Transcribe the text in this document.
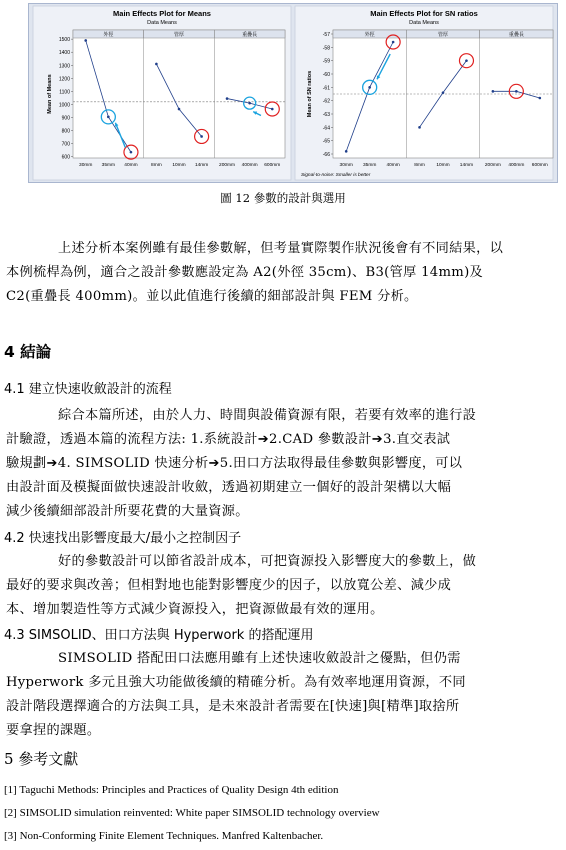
Main Effects Plot for Means
Data Means
1500
1400
1300
1200
1100
1000
900
800
700
600
Mean of Means
外徑
30mm 35mm 40mm
管厚
8mm 10mm 14mm
重疊長
200mm 400mm 600mm
Main Effects Plot for SN ratios
Data Means
-57
-58
-59
-60
-61
-62
-63
-64
-65
-66
Mean of SN ratios
外徑
30mm 35mm 40mm
管厚
8mm 10mm 14mm
重疊長
200mm 400mm 600mm
Signal-to-noise: Smaller is better
圖 12 參數的設計與選用
上述分析本案例雖有最佳參數解，但考量實際製作狀況後會有不同結果，以
本例梳桿為例，適合之設計參數應設定為 A2(外徑 35cm)、B3(管厚 14mm)及
C2(重疊長 400mm)。並以此值進行後續的細部設計與 FEM 分析。
4 結論
4.1 建立快速收斂設計的流程
綜合本篇所述，由於人力、時間與設備資源有限，若要有效率的進行設
計驗證，透過本篇的流程方法: 1.系統設計➔2.CAD 參數設計➔3.直交表試
驗規劃➔4. SIMSOLID 快速分析➔5.田口方法取得最佳參數與影響度，可以
由設計面及模擬面做快速設計收斂，透過初期建立一個好的設計架構以大幅
減少後續細部設計所要花費的大量資源。
4.2 快速找出影響度最大/最小之控制因子
好的參數設計可以節省設計成本，可把資源投入影響度大的參數上，做
最好的要求與改善；但相對地也能對影響度少的因子，以放寬公差、減少成
本、增加製造性等方式減少資源投入，把資源做最有效的運用。
4.3 SIMSOLID、田口方法與 Hyperwork 的搭配運用
SIMSOLID 搭配田口法應用雖有上述快速收斂設計之優點，但仍需
Hyperwork 多元且強大功能做後續的精確分析。為有效率地運用資源，不同
設計階段選擇適合的方法與工具，是未來設計者需要在[快速]與[精準]取捨所
要拿捏的課題。
5 參考文獻
[1] Taguchi Methods: Principles and Practices of Quality Design 4th edition
[2] SIMSOLID simulation reinvented: White paper SIMSOLID technology overview
[3] Non-Conforming Finite Element Techniques. Manfred Kaltenbacher.
